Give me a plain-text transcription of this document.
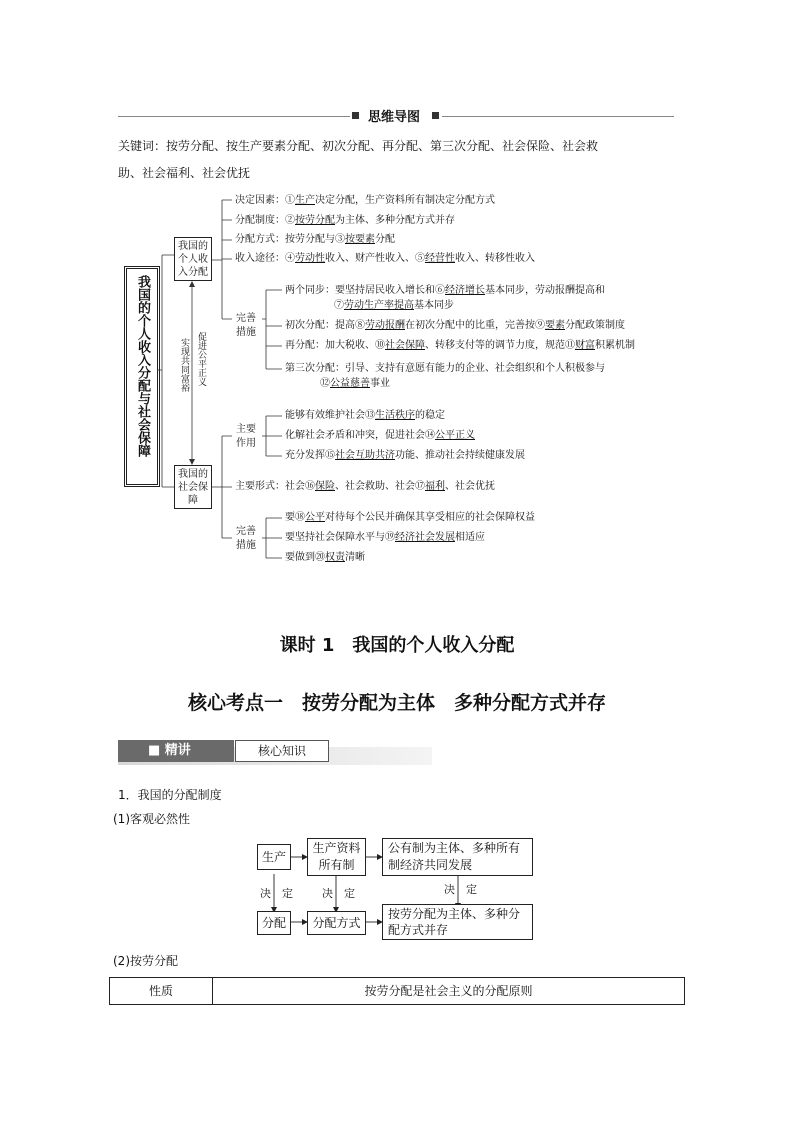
思维导图
关键词：按劳分配、按生产要素分配、初次分配、再分配、第三次分配、社会保险、社会救
助、社会福利、社会优抚
我国的个人收入分配与社会保障
我国的个人收入分配
我国的社会保障
实现共同富裕 促进公平正义
决定因素：①生产决定分配，生产资料所有制决定分配方式
分配制度：②按劳分配为主体、多种分配方式并存
分配方式：按劳分配与③按要素分配
收入途径：④劳动性收入、财产性收入、⑤经营性收入、转移性收入
完善措施
两个同步：要坚持居民收入增长和⑥经济增长基本同步，劳动报酬提高和
⑦劳动生产率提高基本同步
初次分配：提高⑧劳动报酬在初次分配中的比重，完善按⑨要素分配政策制度
再分配：加大税收、⑩社会保障、转移支付等的调节力度，规范⑪财富积累机制
第三次分配：引导、支持有意愿有能力的企业、社会组织和个人积极参与
⑫公益慈善事业
主要作用
能够有效维护社会⑬生活秩序的稳定
化解社会矛盾和冲突，促进社会⑭公平正义
充分发挥⑮社会互助共济功能、推动社会持续健康发展
主要形式：社会⑯保险、社会救助、社会⑰福利、社会优抚
完善措施
要⑱公平对待每个公民并确保其享受相应的社会保障权益
要坚持社会保障水平与⑲经济社会发展相适应
要做到⑳权责清晰
课时 1　我国的个人收入分配
核心考点一　按劳分配为主体　多种分配方式并存
■ 精讲	核心知识
1．我国的分配制度
(1)客观必然性
生产
生产资料
所有制
公有制为主体、多种所有
制经济共同发展
决　定	决　定	决　定
分配	分配方式
按劳分配为主体、多种分
配方式并存
(2)按劳分配
性质	按劳分配是社会主义的分配原则
